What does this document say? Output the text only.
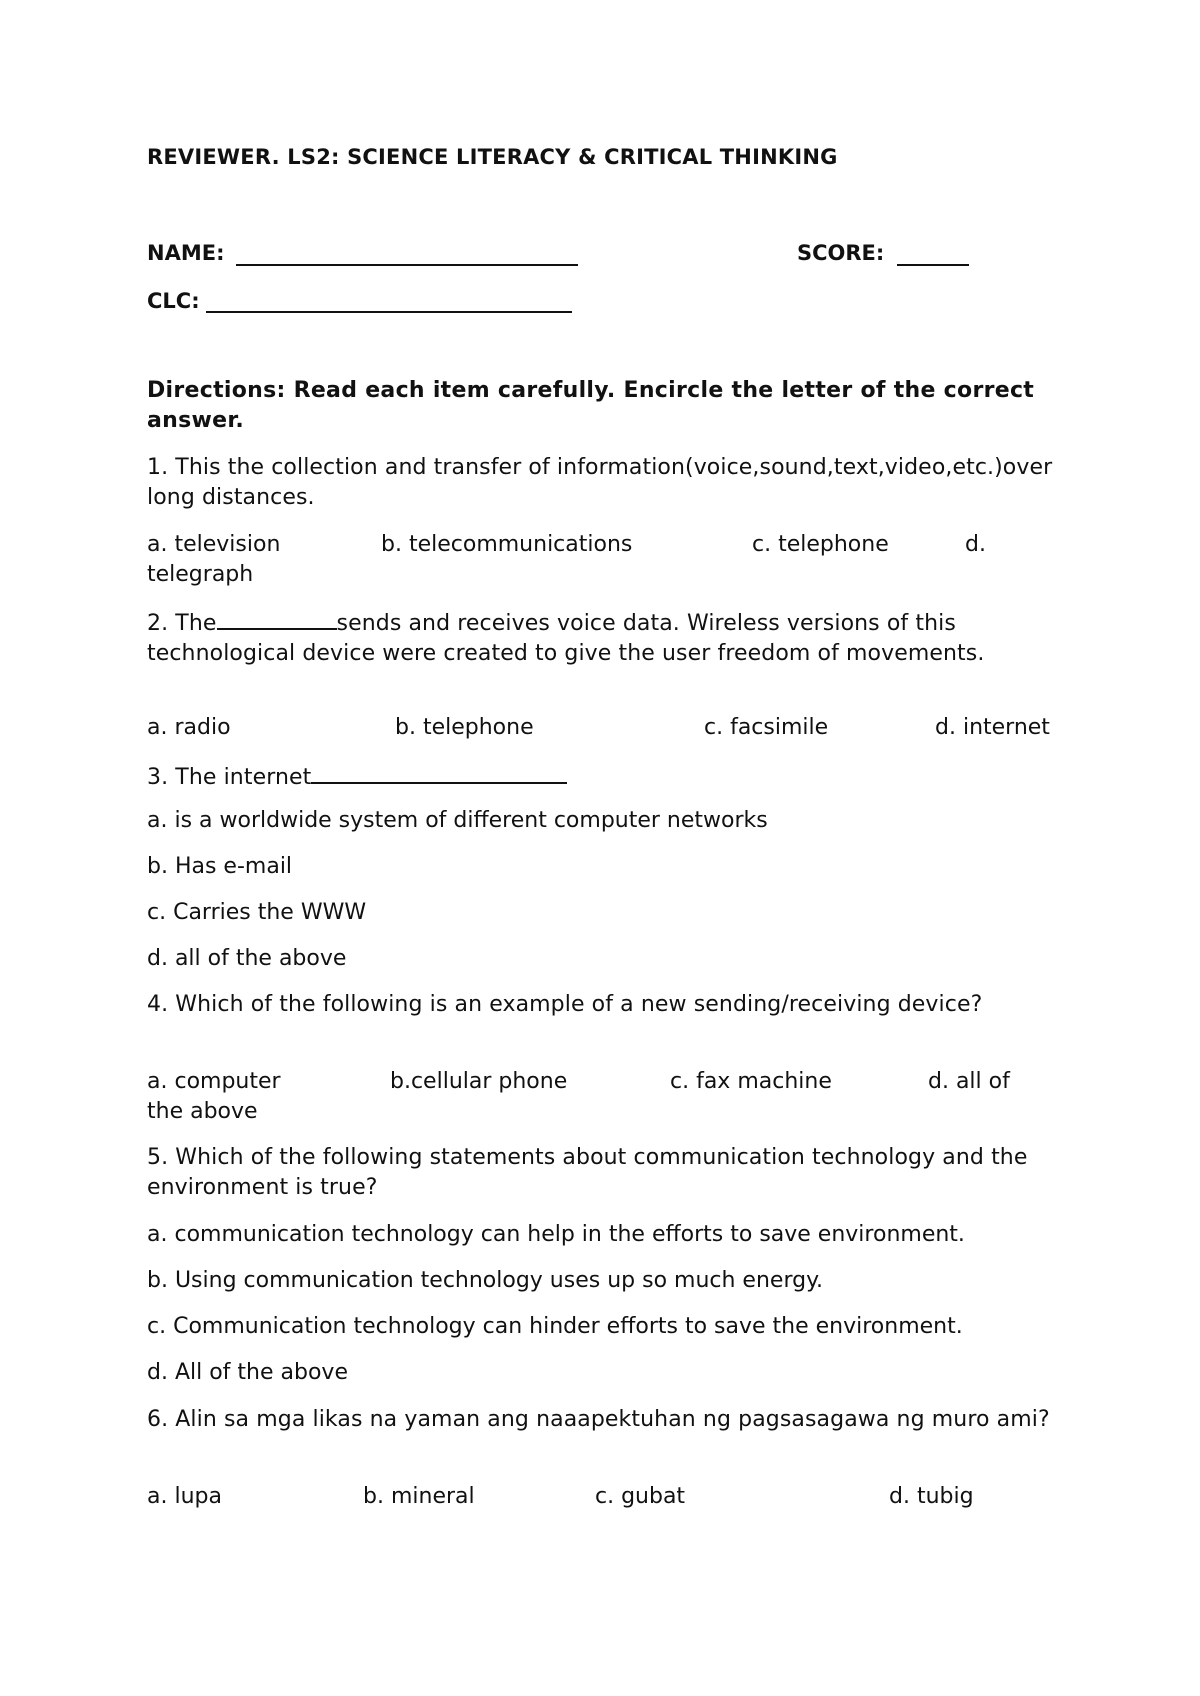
REVIEWER. LS2: SCIENCE LITERACY & CRITICAL THINKING
NAME:	SCORE:
CLC:
Directions: Read each item carefully. Encircle the letter of the correct answer.
1. This the collection and transfer of information(voice,sound,text,video,etc.)over long distances.
a. television	b. telecommunications	c. telephone	d.
telegraph
2. The	sends and receives voice data. Wireless versions of this technological device were created to give the user freedom of movements.
a. radio	b. telephone	c. facsimile	d. internet
3. The internet
a. is a worldwide system of different computer networks
b. Has e-mail
c. Carries the WWW
d. all of the above
4. Which of the following is an example of a new sending/receiving device?
a. computer	b.cellular phone	c. fax machine	d. all of
the above
5. Which of the following statements about communication technology and the environment is true?
a. communication technology can help in the efforts to save environment.
b. Using communication technology uses up so much energy.
c. Communication technology can hinder efforts to save the environment.
d. All of the above
6. Alin sa mga likas na yaman ang naaapektuhan ng pagsasagawa ng muro ami?
a. lupa	b. mineral	c. gubat	d. tubig
